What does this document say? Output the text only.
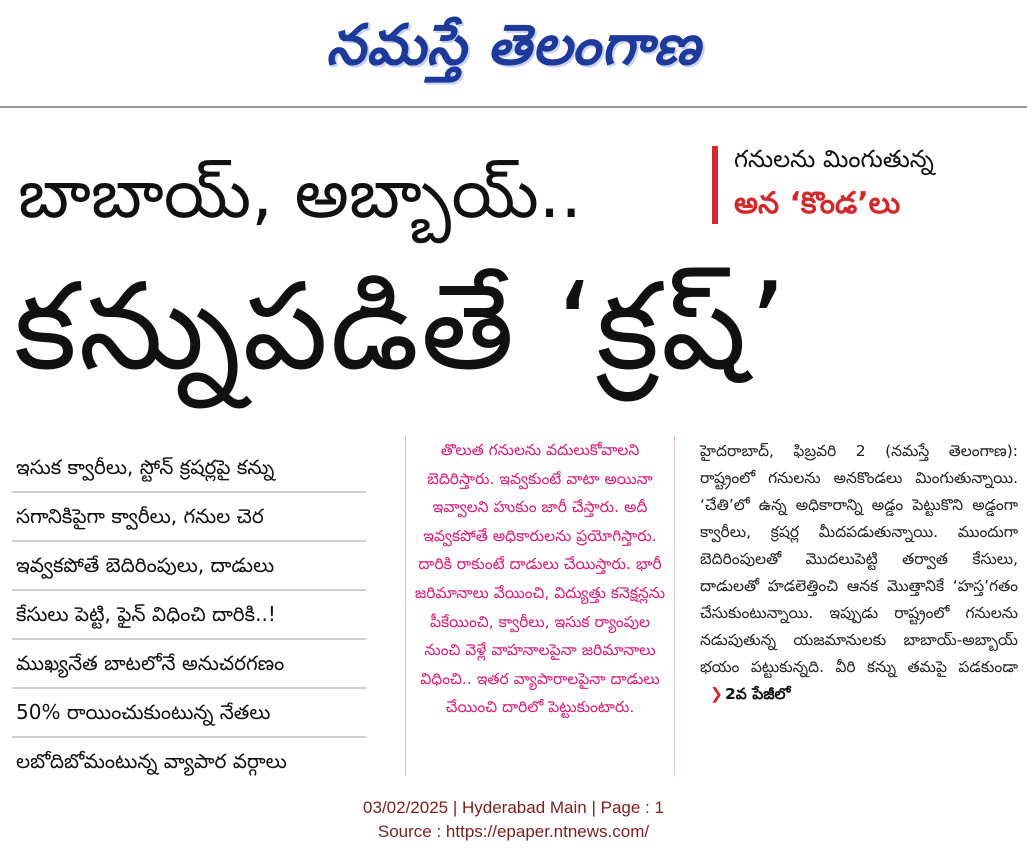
నమస్తే తెలంగాణ
బాబాయ్, అబ్బాయ్..	గనులను మింగుతున్న
అన ‘కొండ’లు
కన్నుపడితే ‘క్రష్’
ఇసుక క్వారీలు, స్టోన్ క్రషర్లపై కన్ను
సగానికిపైగా క్వారీలు, గనుల చెర
ఇవ్వకపోతే బెదిరింపులు, దాడులు
కేసులు పెట్టి, ఫైన్ విధించి దారికి..!
ముఖ్యనేత బాటలోనే అనుచరగణం
50% రాయించుకుంటున్న నేతలు
లబోదిబోమంటున్న వ్యాపార వర్గాలు

తొలుత గనులను వదులుకోవాలని బెదిరిస్తారు. ఇవ్వకుంటే వాటా అయినా ఇవ్వాలని హుకుం జారీ చేస్తారు. అదీ ఇవ్వకపోతే అధికారులను ప్రయోగిస్తారు. దారికి రాకుంటే దాడులు చేయిస్తారు. భారీ జరిమానాలు వేయించి, విద్యుత్తు కనెక్షన్లను పీకేయించి, క్వారీలు, ఇసుక ర్యాంపుల నుంచి వెళ్లే వాహనాలపైనా జరిమానాలు విధించి.. ఇతర వ్యాపారాలపైనా దాడులు చేయించి దారిలో పెట్టుకుంటారు.

హైదరాబాద్, ఫిబ్రవరి 2 (నమస్తే తెలంగాణ): రాష్ట్రంలో గనులను అనకొండలు మింగుతున్నాయి. ‘చేతి’లో ఉన్న అధికారాన్ని అడ్డం పెట్టుకొని అడ్డంగా క్వారీలు, క్రషర్ల మీదపడుతున్నాయి. ముందుగా బెదిరింపులతో మొదలుపెట్టి తర్వాత కేసులు, దాడులతో హడలెత్తించి ఆనక మొత్తానికే ‘హస్త’గతం చేసుకుంటున్నాయి. ఇప్పుడు రాష్ట్రంలో గనులను నడుపుతున్న యజమానులకు బాబాయ్-అబ్బాయ్ భయం పట్టుకున్నది. వీరి కన్ను తమపై పడకుండా❯ 2వ పేజీలో

03/02/2025 | Hyderabad Main | Page : 1
Source : https://epaper.ntnews.com/
